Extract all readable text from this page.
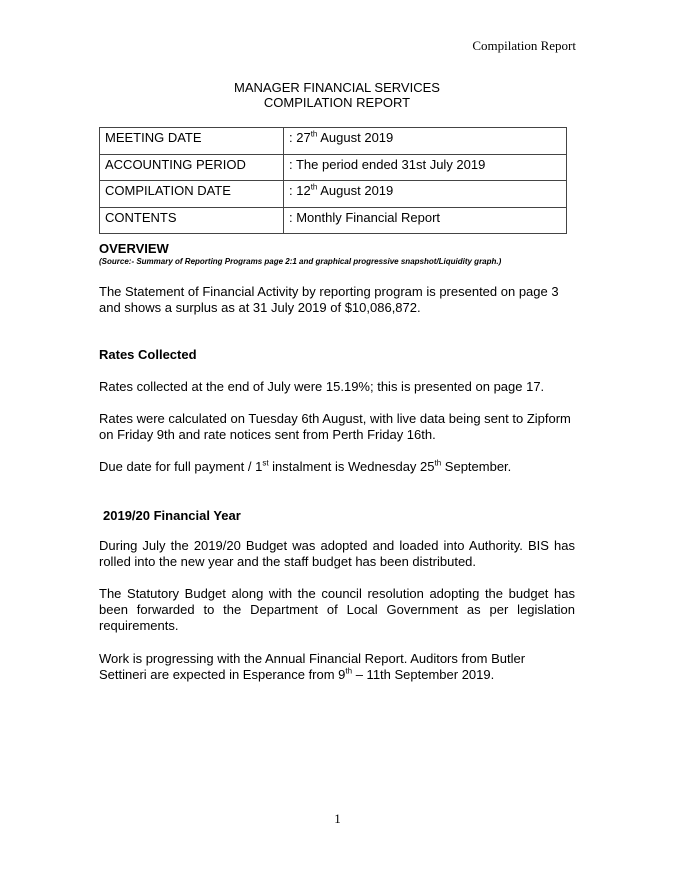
Compilation Report
MANAGER FINANCIAL SERVICES
COMPILATION REPORT
MEETING DATE	: 27th August 2019
ACCOUNTING PERIOD	: The period ended 31st July 2019
COMPILATION DATE	: 12th August 2019
CONTENTS	: Monthly Financial Report
OVERVIEW
(Source:- Summary of Reporting Programs page 2:1 and graphical progressive snapshot/Liquidity graph.)
The Statement of Financial Activity by reporting program is presented on page 3 and shows a surplus as at 31 July 2019 of $10,086,872.
Rates Collected
Rates collected at the end of July were 15.19%; this is presented on page 17.
Rates were calculated on Tuesday 6th August, with live data being sent to Zipform on Friday 9th and rate notices sent from Perth Friday 16th.
Due date for full payment / 1st instalment is Wednesday 25th September.
2019/20 Financial Year
During July the 2019/20 Budget was adopted and loaded into Authority. BIS has rolled into the new year and the staff budget has been distributed.
The Statutory Budget along with the council resolution adopting the budget has been forwarded to the Department of Local Government as per legislation requirements.
Work is progressing with the Annual Financial Report. Auditors from Butler Settineri are expected in Esperance from 9th – 11th September 2019.
1
